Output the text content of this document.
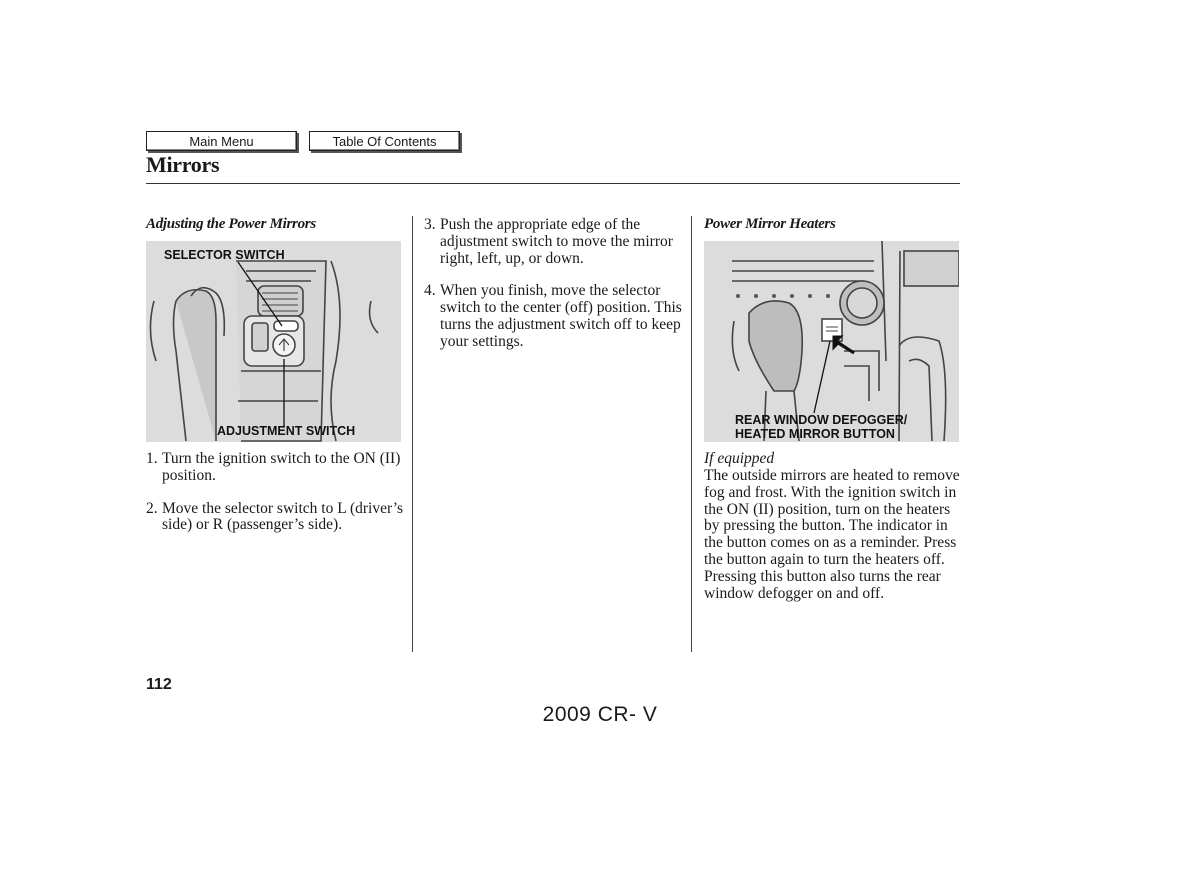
Main Menu	Table Of Contents
Mirrors
Adjusting the Power Mirrors
SELECTOR SWITCH
ADJUSTMENT SWITCH
1. Turn the ignition switch to the ON (II) position.
2. Move the selector switch to L (driver’s side) or R (passenger’s side).
3. Push the appropriate edge of the adjustment switch to move the mirror right, left, up, or down.
4. When you finish, move the selector switch to the center (off) position. This turns the adjustment switch off to keep your settings.
Power Mirror Heaters
REAR WINDOW DEFOGGER/
HEATED MIRROR BUTTON
If equipped
The outside mirrors are heated to remove fog and frost. With the ignition switch in the ON (II) position, turn on the heaters by pressing the button. The indicator in the button comes on as a reminder. Press the button again to turn the heaters off. Pressing this button also turns the rear window defogger on and off.
112
2009 CR- V
